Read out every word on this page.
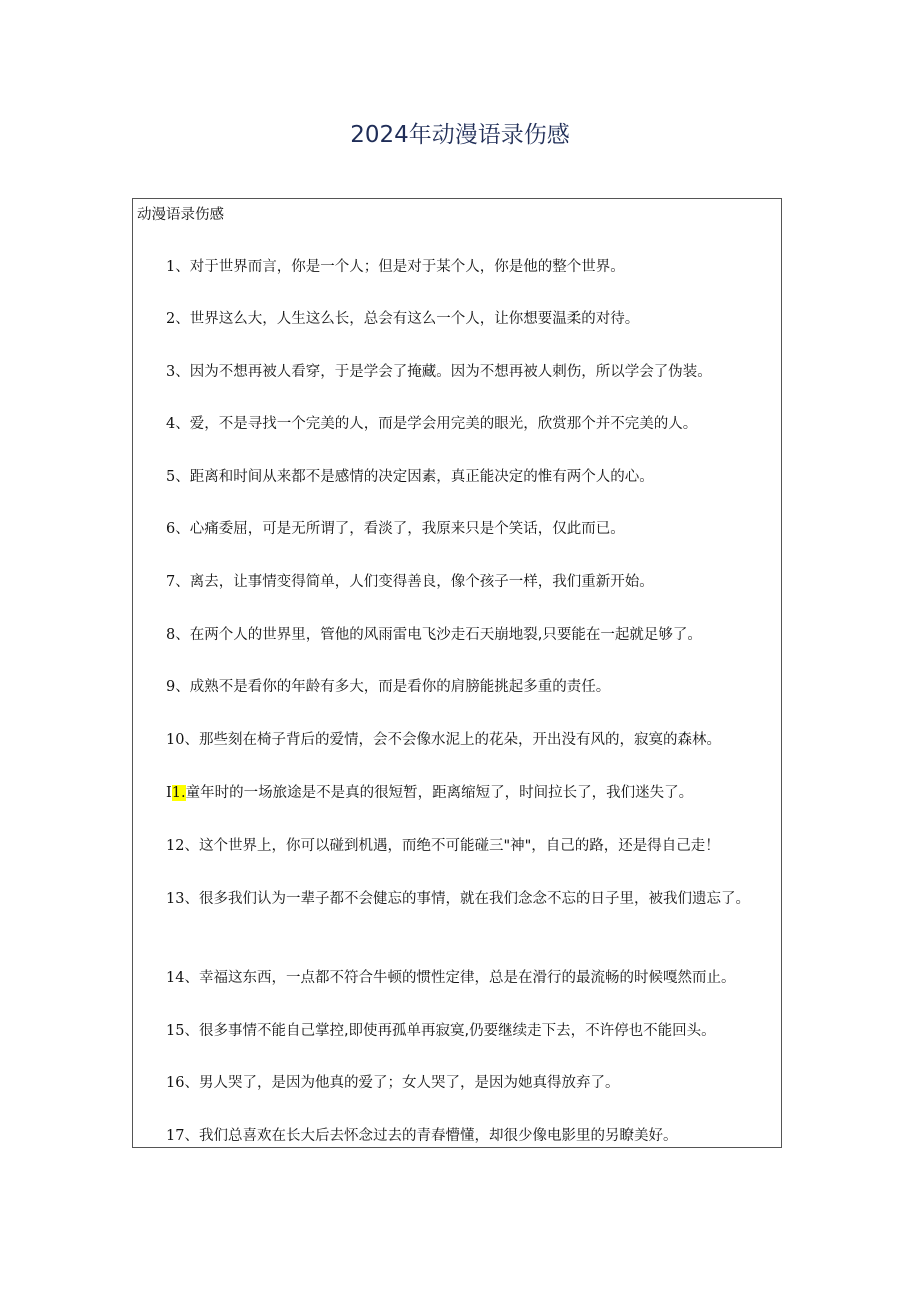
2024年动漫语录伤感

动漫语录伤感

1、对于世界而言，你是一个人；但是对于某个人，你是他的整个世界。

2、世界这么大，人生这么长，总会有这么一个人，让你想要温柔的对待。

3、因为不想再被人看穿，于是学会了掩藏。因为不想再被人刺伤，所以学会了伪装。

4、爱，不是寻找一个完美的人，而是学会用完美的眼光，欣赏那个并不完美的人。

5、距离和时间从来都不是感情的决定因素，真正能决定的惟有两个人的心。

6、心痛委屈，可是无所谓了，看淡了，我原来只是个笑话，仅此而已。

7、离去，让事情变得简单，人们变得善良，像个孩子一样，我们重新开始。

8、在两个人的世界里，管他的风雨雷电飞沙走石天崩地裂,只要能在一起就足够了。

9、成熟不是看你的年龄有多大，而是看你的肩膀能挑起多重的责任。

10、那些刻在椅子背后的爱情，会不会像水泥上的花朵，开出没有风的，寂寞的森林。

I1.童年时的一场旅途是不是真的很短暂，距离缩短了，时间拉长了，我们迷失了。

12、这个世界上，你可以碰到机遇，而绝不可能碰三"神"，自己的路，还是得自己走！

13、很多我们认为一辈子都不会健忘的事情，就在我们念念不忘的日子里，被我们遗忘了。

14、幸福这东西，一点都不符合牛顿的惯性定律，总是在滑行的最流畅的时候嘎然而止。

15、很多事情不能自己掌控,即使再孤单再寂寞,仍要继续走下去，不许停也不能回头。

16、男人哭了，是因为他真的爱了；女人哭了，是因为她真得放弃了。

17、我们总喜欢在长大后去怀念过去的青春懵懂，却很少像电影里的另瞭美好。
